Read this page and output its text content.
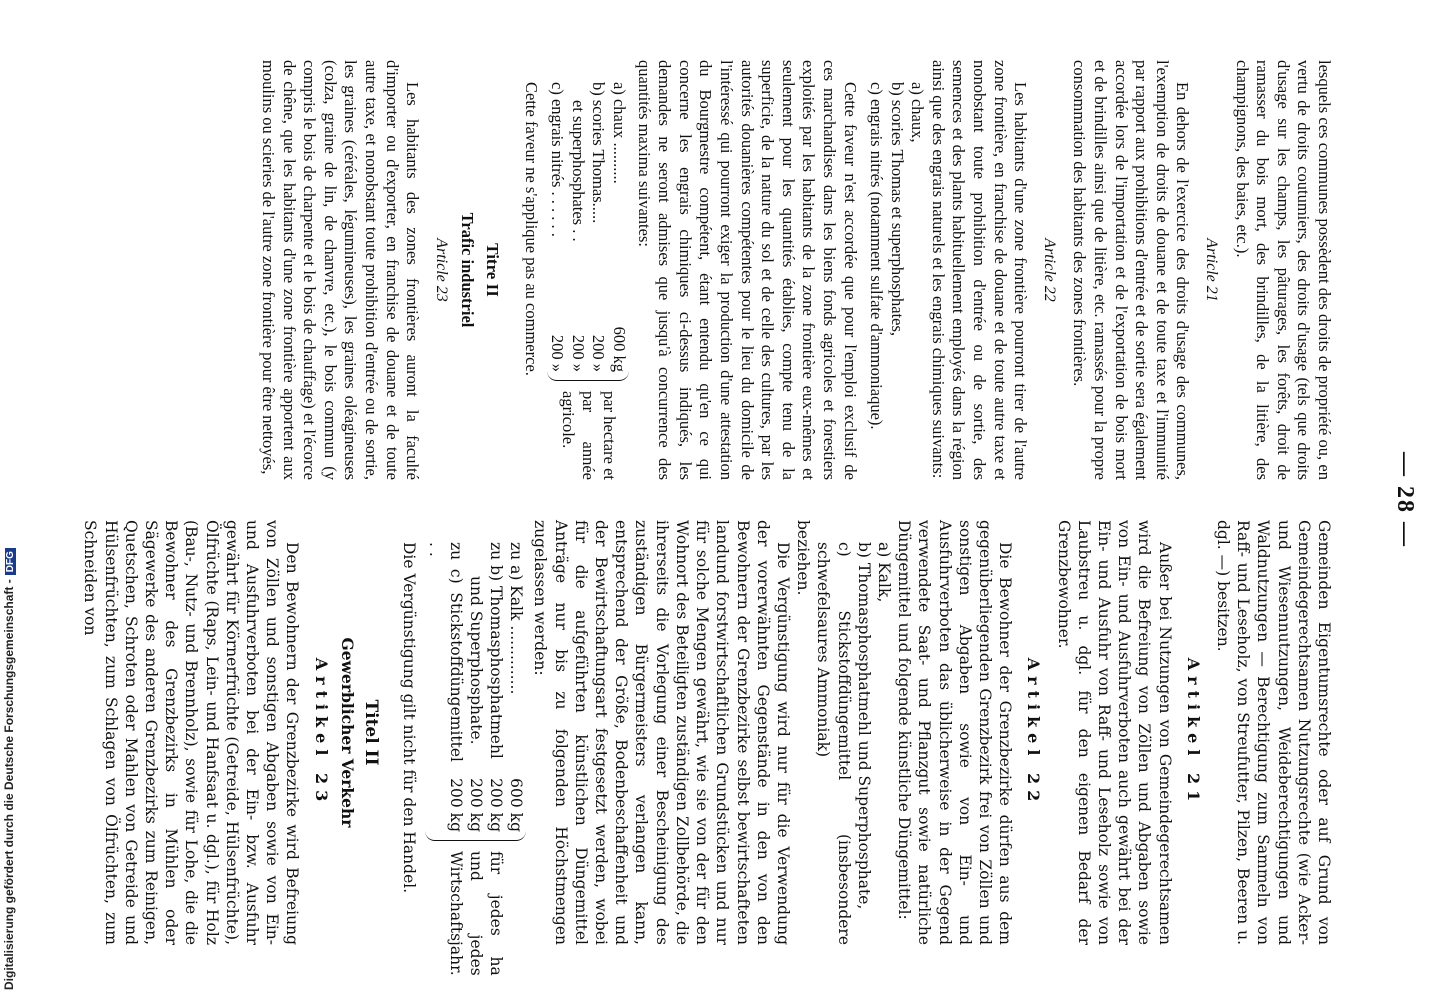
— 28 —

lesquels ces communes possèdent des droits de propriété ou, en vertu de droits coutumiers, des droits d'usage (tels que droits d'usage sur les champs, les pâturages, les forêts, droit de ramasser du bois mort, des brindilles, de la litière, des champignons, des baies, etc.).

Article 21

En dehors de l'exercice des droits d'usage des communes, l'exemption de droits de douane et de toute taxe et l'immunité par rapport aux prohibitions d'entrée et de sortie sera également accordée lors de l'importation et de l'exportation de bois mort et de brindilles ainsi que de litière, etc. ramassés pour la propre consommation des habitants des zones frontières.

Article 22

Les habitants d'une zone frontière pourront tirer de l'autre zone frontière, en franchise de douane et de toute autre taxe et nonobstant toute prohibition d'entrée ou de sortie, des semences et des plants habituellement employés dans la région ainsi que des engrais naturels et les engrais chimiques suivants:

a) chaux,
b) scories Thomas et superphosphates,
c) engrais nitrés (notamment sulfate d'ammoniaque).

Cette faveur n'est accordée que pour l'emploi exclusif de ces marchandises dans les biens fonds agricoles et forestiers exploités par les habitants de la zone frontière eux-mêmes et seulement pour les quantités établies, compte tenu de la superficie, de la nature du sol et de celle des cultures, par les autorités douanières compétentes pour le lieu du domicile de l'intéressé qui pourront exiger la production d'une attestation du Bourgmestre compétent, étant entendu qu'en ce qui concerne les engrais chimiques ci-dessus indiqués, les demandes ne seront admises que jusqu'à concurrence des quantités maxima suivantes:

a) chaux ..........
600 kg
b) scories Thomas.....
200 »
et superphosphates . .
200 »
c) engrais nitrés . . . . . .
200 »
par hectare et par année agricole.

Cette faveur ne s'applique pas au commerce.

Titre II
Trafic industriel
Article 23

Les habitants des zones frontières auront la faculté d'importer ou d'exporter, en franchise de douane et de toute autre taxe, et nonobstant toute prohibition d'entrée ou de sortie, les graines (céréales, légumineuses), les graines oléagineuses (colza, graine de lin, de chanvre, etc.), le bois commun (y compris le bois de charpente et le bois de chauffage) et l'écorce de chêne, que les habitants d'une zone frontière apportent aux moulins ou scieries de l'autre zone frontière pour être nettoyés,

Gemeinden Eigentumsrechte oder auf Grund von Gemeindegerechtsamen Nutzungsrechte (wie Acker- und Wiesennutzungen, Weideberechtigungen und Waldnutzungen — Berechtigung zum Sammeln von Raff- und Leseholz, von Streufutter, Pilzen, Beeren u. dgl. —) besitzen.

Artikel 21

Außer bei Nutzungen von Gemeindegerechtsamen wird die Befreiung von Zöllen und Abgaben sowie von Ein- und Ausfuhrverboten auch gewährt bei der Ein- und Ausfuhr von Raff- und Leseholz sowie von Laubstreu u. dgl. für den eigenen Bedarf der Grenzbewohner.

Artikel 22

Die Bewohner der Grenzbezirke dürfen aus dem gegenüberliegenden Grenzbezirk frei von Zöllen und sonstigen Abgaben sowie von Ein- und Ausfuhrverboten das üblicherweise in der Gegend verwendete Saat- und Pflanzgut sowie natürliche Düngemittel und folgende künstliche Düngemittel:

a) Kalk,
b) Thomasphosphatmehl und Superphosphate,
c) Stickstoffdüngemittel (insbesondere schwefelsaures Ammoniak)

beziehen.

Die Vergünstigung wird nur für die Verwendung der vorerwähnten Gegenstände in den von den Bewohnern der Grenzbezirke selbst bewirtschafteten landund forstwirtschaftlichen Grundstücken und nur für solche Mengen gewährt, wie sie von der für den Wohnort des Beteiligten zuständigen Zollbehörde, die ihrerseits die Vorlegung einer Bescheinigung des zuständigen Bürgermeisters verlangen kann, entsprechend der Größe, Bodenbeschaffenheit und der Bewirtschaftungsart festgesetzt werden, wobei für die aufgeführten künstlichen Düngemittel Anträge nur bis zu folgenden Höchstmengen zugelassen werden:

zu a) Kalk ..............
600 kg
zu b) Thomasphosphatmehl
200 kg
und Superphosphate.
200 kg
zu c) Stickstoffdüngemittel . .
200 kg
für jedes ha und jedes Wirtschaftsjahr.

Die Vergünstigung gilt nicht für den Handel.

Titel II
Gewerblicher Verkehr
Artikel 23

Den Bewohnern der Grenzbezirke wird Befreiung von Zöllen und sonstigen Abgaben sowie von Ein- und Ausfuhrverboten bei der Ein- bzw. Ausfuhr gewährt für Körnerfrüchte (Getreide, Hülsenfrüchte), Ölfrüchte (Raps, Lein- und Hanfsaat u. dgl.), für Holz (Bau-, Nutz- und Brennholz), sowie für Lohe, die die Bewohner des Grenzbezirks in Mühlen oder Sägewerke des anderen Grenzbezirks zum Reinigen, Quetschen, Schroten oder Mahlen von Getreide und Hülsenfrüchten, zum Schlagen von Ölfrüchten, zum Schneiden von

Digitalisierung gefördert durch die Deutsche Forschungsgemeinschaft -DFG
